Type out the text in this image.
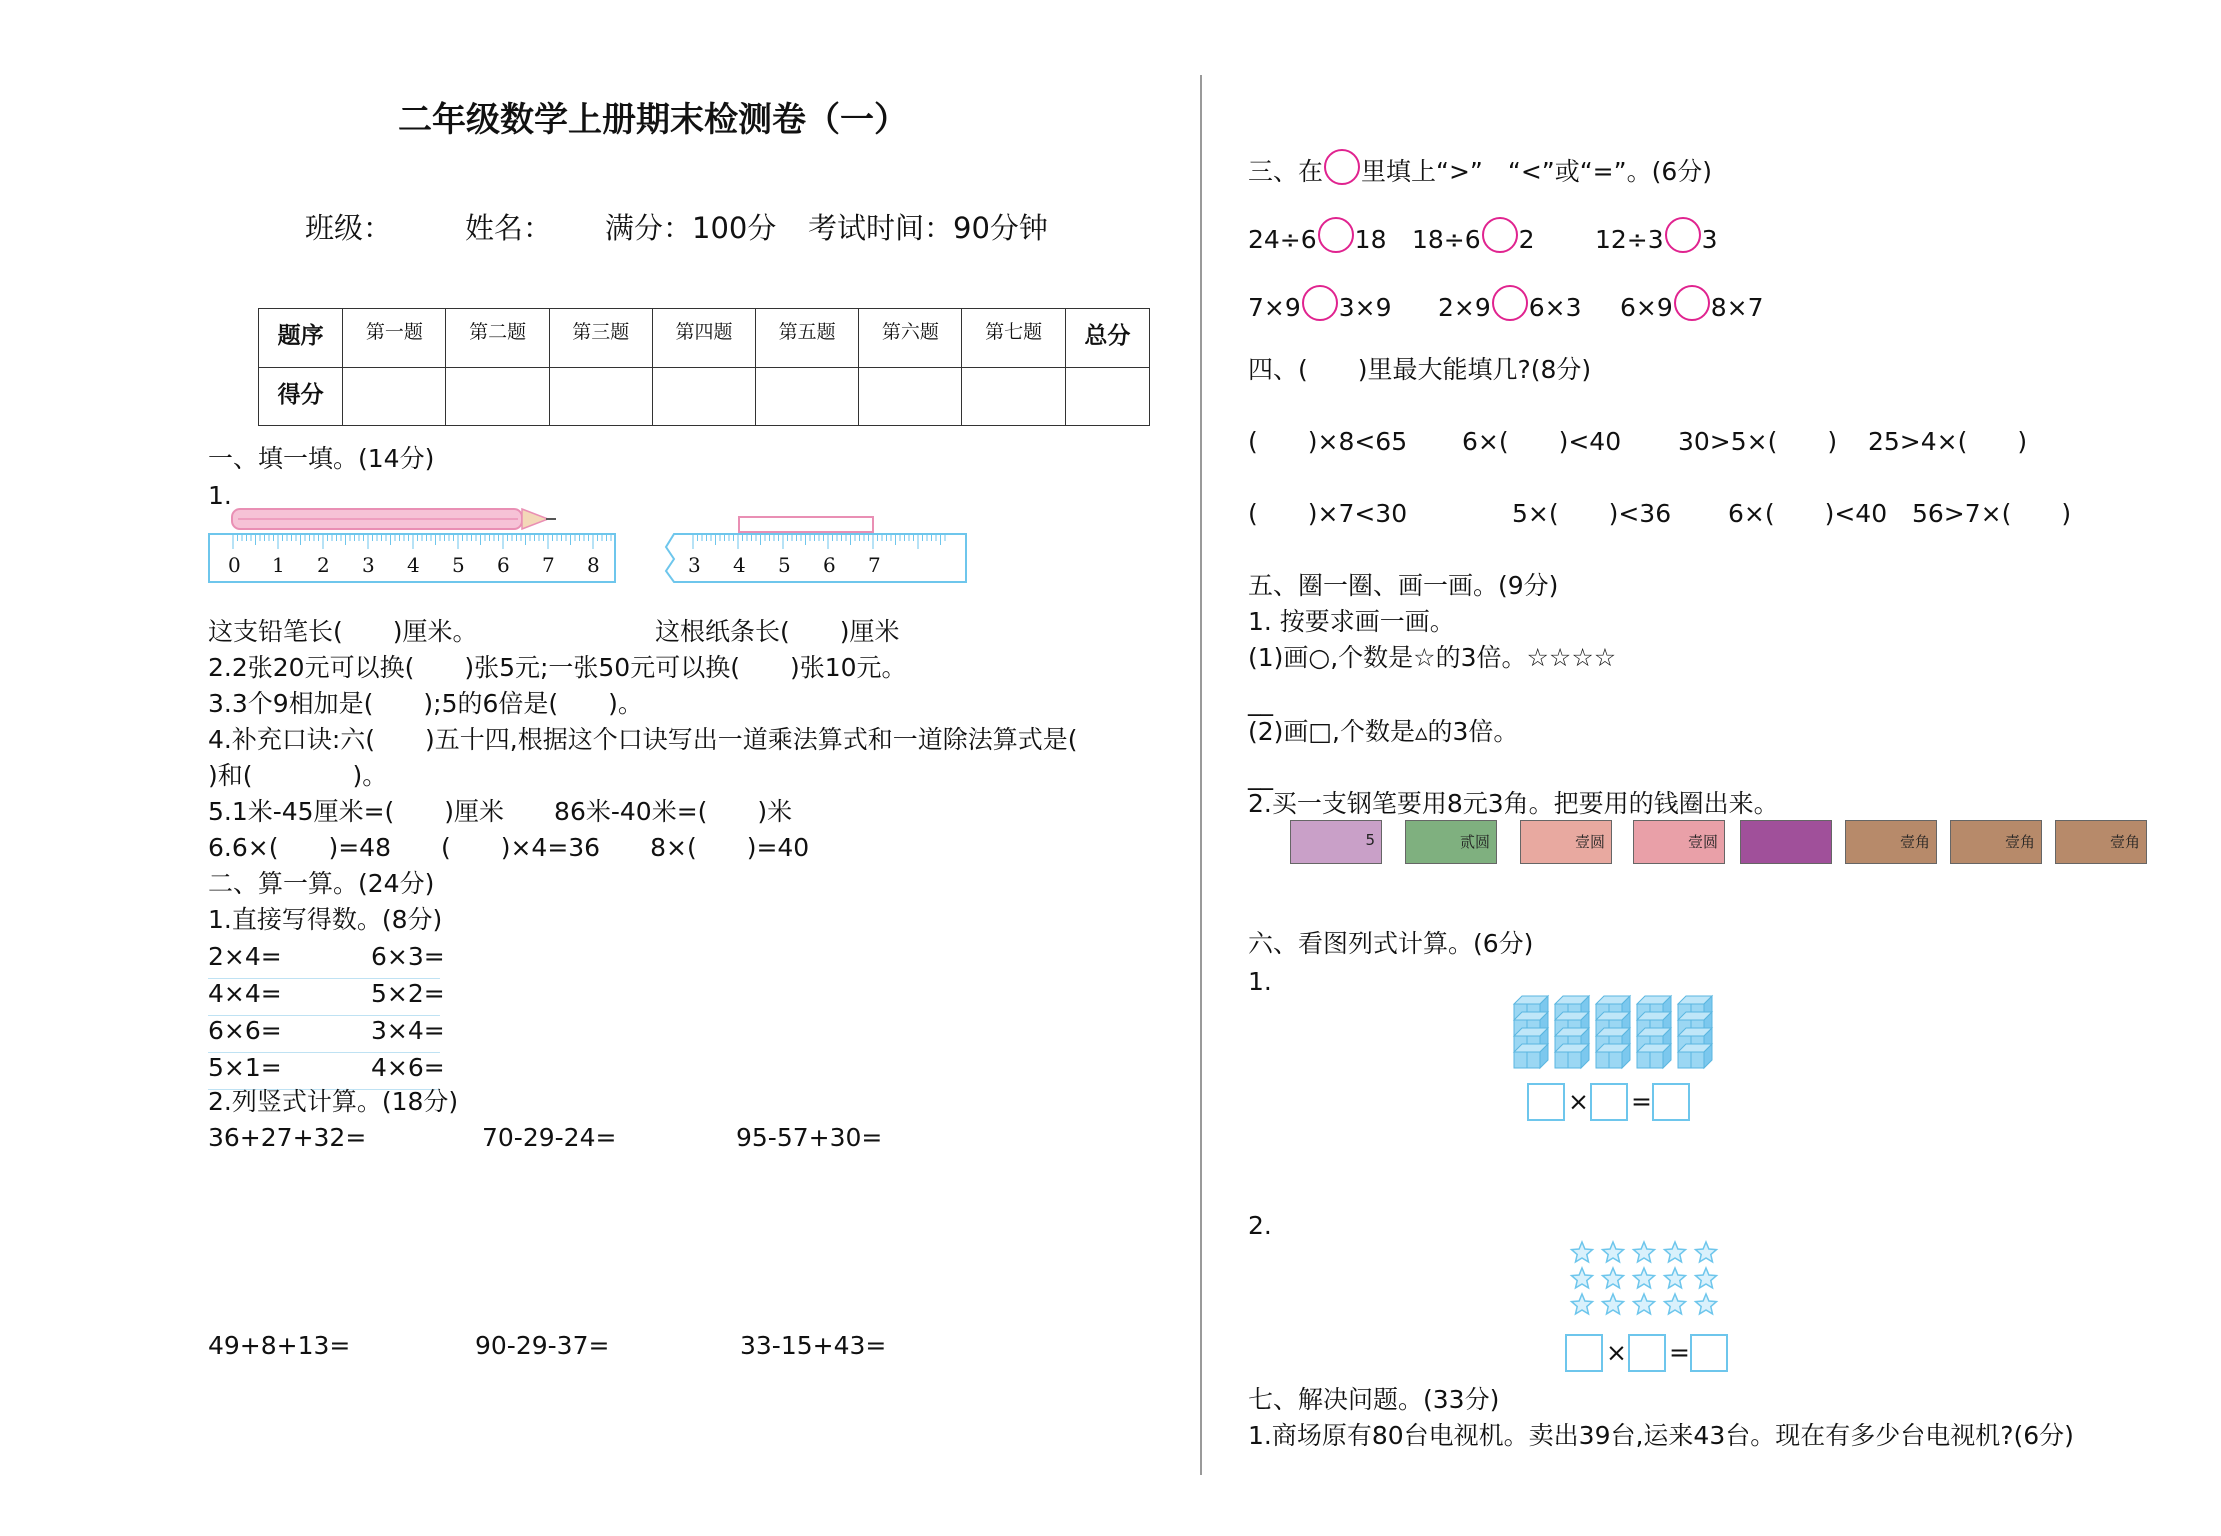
二年级数学上册期末检测卷（一）
班级：	姓名： 满分：100分 考试时间：90分钟
题序	第一题	第二题	第三题	第四题	第五题	第六题	第七题	总分
得分								
一、填一填。(14分)
1.
0 1 2 3 4 5 6 7 8	3 4 5 6 7
这支铅笔长(　　)厘米。	这根纸条长(　　)厘米
2.2张20元可以换(　　)张5元;一张50元可以换(　　)张10元。
3.3个9相加是(　　);5的6倍是(　　)。
4.补充口诀:六(　　)五十四,根据这个口诀写出一道乘法算式和一道除法算式是(
)和(　　　　)。
5.1米-45厘米=(　　)厘米　　86米-40米=(　　)米
6.6×(　　)=48　　(　　)×4=36　　8×(　　)=40
二、算一算。(24分)
1.直接写得数。(8分)
2×4=	6×3=
4×4=	5×2=
6×6=	3×4=
5×1=	4×6=
2.列竖式计算。(18分)
36+27+32=	70-29-24=	95-57+30=
49+8+13=	90-29-37=	33-15+43=
三、在 里填上“>”　“<”或“=”。(6分)
24÷6 18 18÷6 2 12÷3 3
7×9 3×9 2×9 6×3 6×9 8×7
四、(　　)里最大能填几?(8分)
(　　)×8<65 6×(　　)<40 30>5×(　　) 25>4×(　　)
(　　)×7<30	5×(　　)<36 6×(　　)<40 56>7×(　　)
五、圈一圈、画一画。(9分)
1. 按要求画一画。
(1)画○,个数是☆的3倍。☆☆☆☆
__
(2)画□,个数是▵的3倍。
__
2.买一支钢笔要用8元3角。把要用的钱圈出来。
5	贰圆	壹圆	壹圆	壹角	壹角	壹角
六、看图列式计算。(6分)
1.
× =
2.
× =
七、解决问题。(33分)
1.商场原有80台电视机。卖出39台,运来43台。现在有多少台电视机?(6分)
